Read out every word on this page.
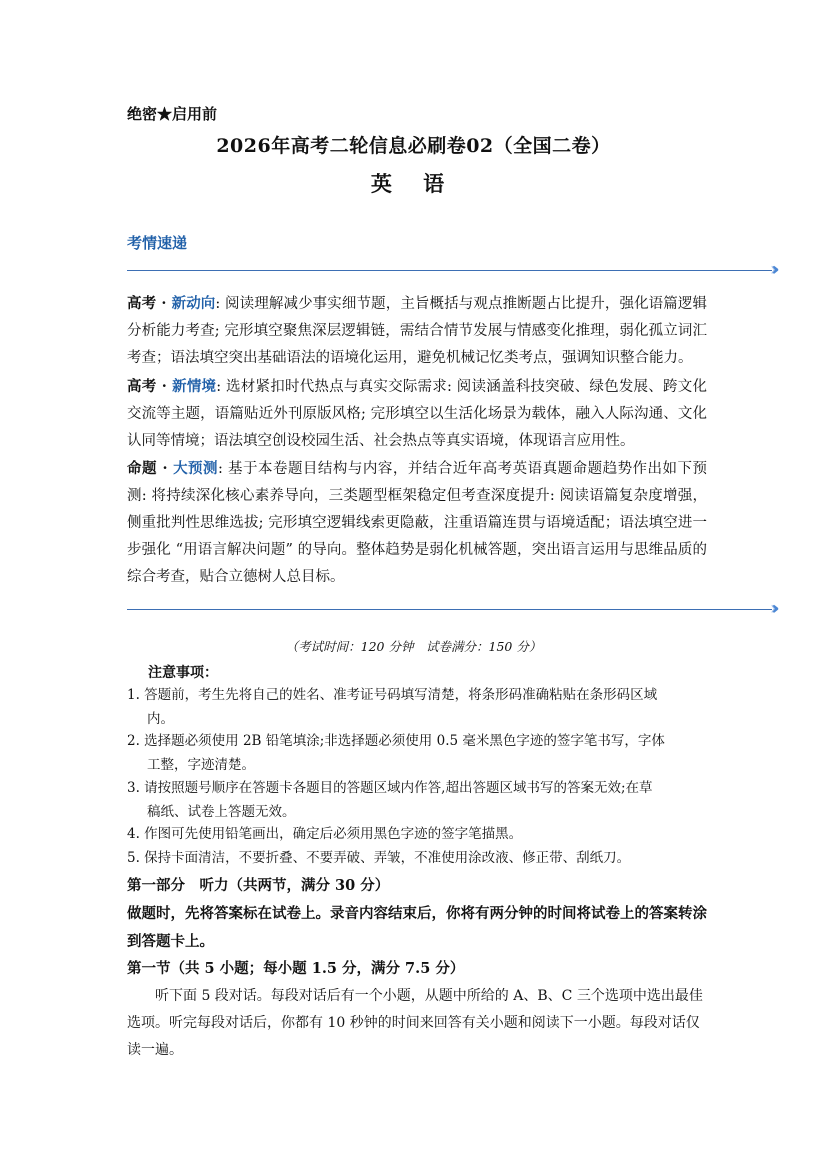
绝密★启用前
2026年高考二轮信息必刷卷02（全国二卷）
英 语
考情速递
›››
高考 · 新动向: 阅读理解减少事实细节题，主旨概括与观点推断题占比提升，强化语篇逻辑分析能力考查; 完形填空聚焦深层逻辑链，需结合情节发展与情感变化推理，弱化孤立词汇考查；语法填空突出基础语法的语境化运用，避免机械记忆类考点，强调知识整合能力。
高考 · 新情境: 选材紧扣时代热点与真实交际需求: 阅读涵盖科技突破、绿色发展、跨文化交流等主题，语篇贴近外刊原版风格; 完形填空以生活化场景为载体，融入人际沟通、文化认同等情境；语法填空创设校园生活、社会热点等真实语境，体现语言应用性。
命题 · 大预测: 基于本卷题目结构与内容，并结合近年高考英语真题命题趋势作出如下预测: 将持续深化核心素养导向，三类题型框架稳定但考查深度提升: 阅读语篇复杂度增强，侧重批判性思维选拔; 完形填空逻辑线索更隐蔽，注重语篇连贯与语境适配；语法填空进一步强化 “用语言解决问题” 的导向。整体趋势是弱化机械答题，突出语言运用与思维品质的综合考查，贴合立德树人总目标。
›››
（考试时间：120 分钟　试卷满分：150 分）
注意事项：
1. 答题前，考生先将自己的姓名、准考证号码填写清楚，将条形码准确粘贴在条形码区域
内。
2. 选择题必须使用 2B 铅笔填涂;非选择题必须使用 0.5 毫米黑色字迹的签字笔书写，字体
工整，字迹清楚。
3. 请按照题号顺序在答题卡各题目的答题区域内作答,超出答题区域书写的答案无效;在草
稿纸、试卷上答题无效。
4. 作图可先使用铅笔画出，确定后必须用黑色字迹的签字笔描黑。
5. 保持卡面清洁，不要折叠、不要弄破、弄皱，不准使用涂改液、修正带、刮纸刀。
第一部分　听力（共两节，满分 30 分）
做题时，先将答案标在试卷上。录音内容结束后，你将有两分钟的时间将试卷上的答案转涂到答题卡上。
第一节（共 5 小题；每小题 1.5 分，满分 7.5 分）
听下面 5 段对话。每段对话后有一个小题，从题中所给的 A、B、C 三个选项中选出最佳选项。听完每段对话后，你都有 10 秒钟的时间来回答有关小题和阅读下一小题。每段对话仅读一遍。
